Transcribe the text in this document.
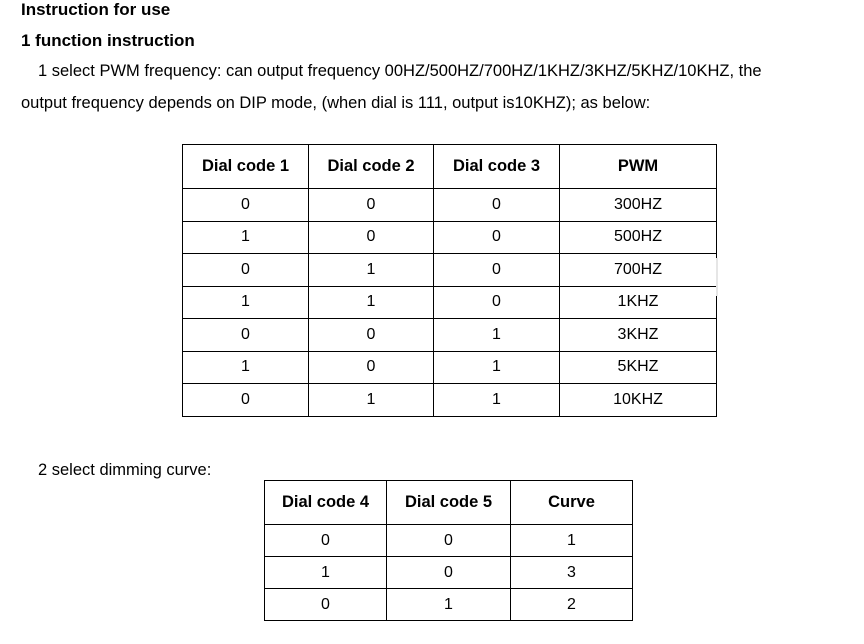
Instruction for use
1 function instruction
1 select PWM frequency: can output frequency 00HZ/500HZ/700HZ/1KHZ/3KHZ/5KHZ/10KHZ, the
output frequency depends on DIP mode, (when dial is 111, output is10KHZ); as below:
Dial code 1	Dial code 2	Dial code 3	PWM
0	0	0	300HZ
1	0	0	500HZ
0	1	0	700HZ
1	1	0	1KHZ
0	0	1	3KHZ
1	0	1	5KHZ
0	1	1	10KHZ
2 select dimming curve:
Dial code 4	Dial code 5	Curve
0	0	1
1	0	3
0	1	2
